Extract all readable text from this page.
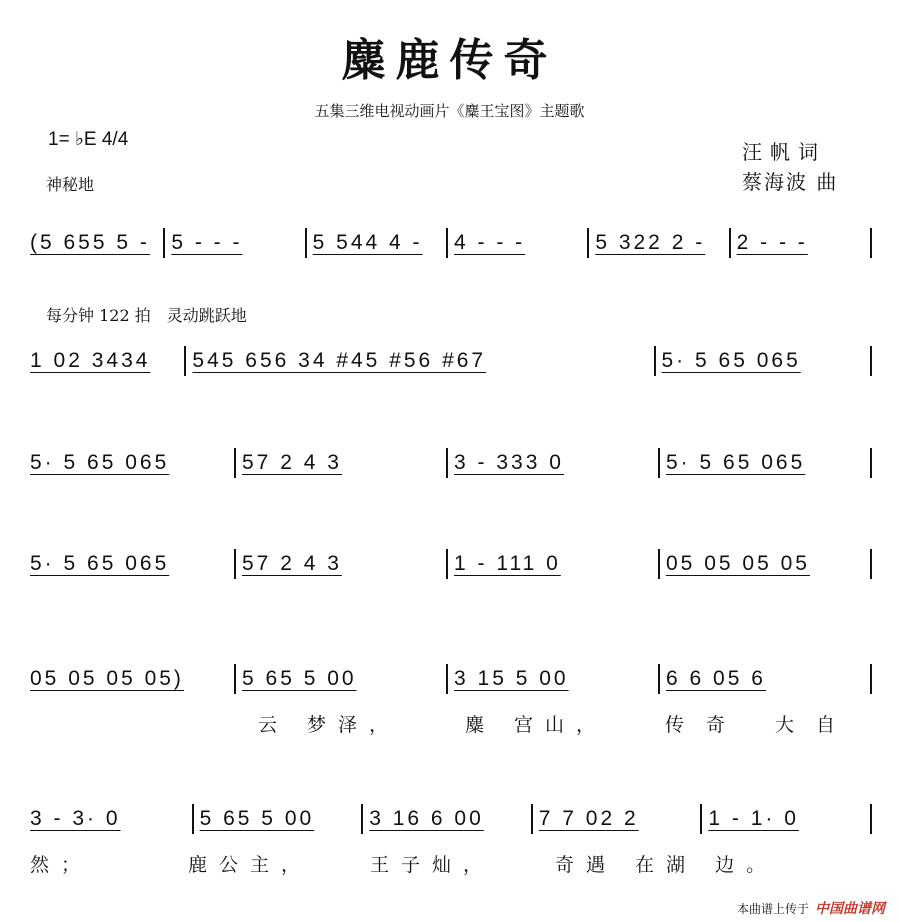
麋鹿传奇
五集三维电视动画片《麋王宝图》主题歌
1= ♭E 4/4
神秘地
汪帆词
蔡海波 曲
每分钟 122 拍　灵动跳跃地
(5 655 5 -	5 - - -	5 544 4 -	4 - - -	5 322 2 -	2 - - -
1 02 3434	545 656 34 #45 #56 #67	5· 5 65 065
5· 5 65 065	57 2 4 3	3 - 333 0	5· 5 65 065
5· 5 65 065	57 2 4 3	1 - 111 0	05 05 05 05
05 05 05 05)	5 65 5 00	3 15 5 00	6 6 05 6
云 梦泽，	麋 宫山，	传奇 大自
3 - 3· 0	5 65 5 00	3 16 6 00	7 7 02 2	1 - 1· 0
然；	鹿公主，	王子灿，	奇遇 在湖 边。
本曲谱上传于 中国曲谱网
